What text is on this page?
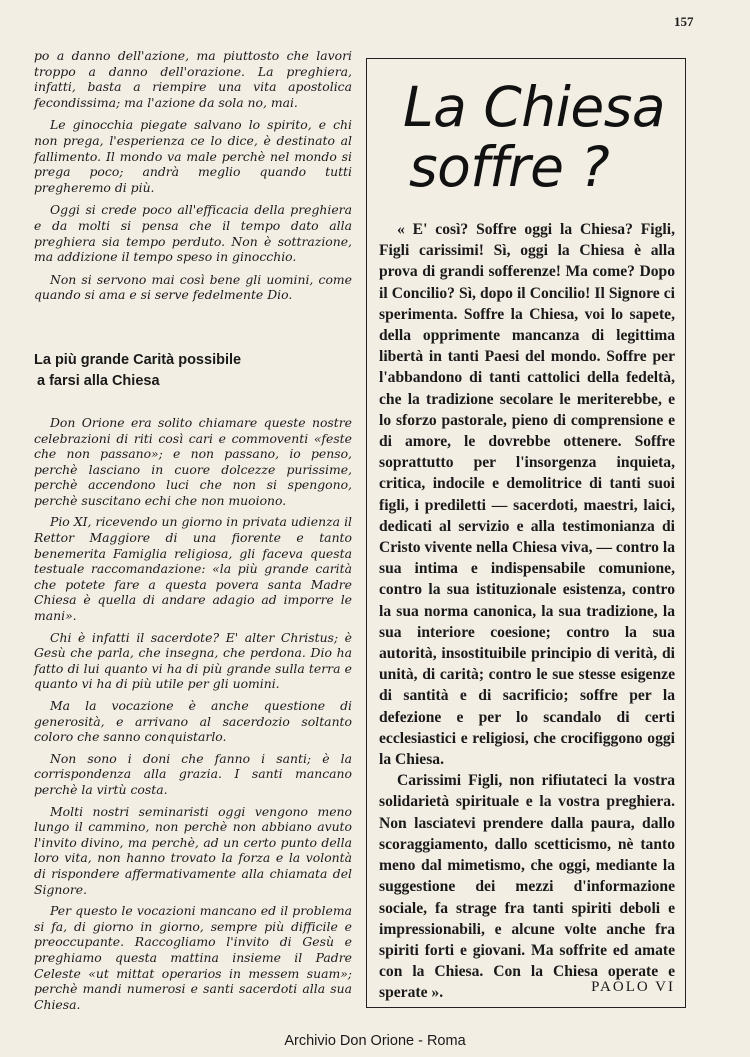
157

po a danno dell'azione, ma piuttosto che lavori troppo a danno dell'orazione. La preghiera, infatti, basta a riempire una vita apostolica fecondissima; ma l'azione da sola no, mai.

Le ginocchia piegate salvano lo spirito, e chi non prega, l'esperienza ce lo dice, è destinato al fallimento. Il mondo va male perchè nel mondo si prega poco; andrà meglio quando tutti pregheremo di più.

Oggi si crede poco all'efficacia della preghiera e da molti si pensa che il tempo dato alla preghiera sia tempo perduto. Non è sottrazione, ma addizione il tempo speso in ginocchio.

Non si servono mai così bene gli uomini, come quando si ama e si serve fedelmente Dio.

La più grande Carità possibile
a farsi alla Chiesa

Don Orione era solito chiamare queste nostre celebrazioni di riti così cari e commoventi «feste che non passano»; e non passano, io penso, perchè lasciano in cuore dolcezze purissime, perchè accendono luci che non si spengono, perchè suscitano echi che non muoiono.

Pio XI, ricevendo un giorno in privata udienza il Rettor Maggiore di una fiorente e tanto benemerita Famiglia religiosa, gli faceva questa testuale raccomandazione: «la più grande carità che potete fare a questa povera santa Madre Chiesa è quella di andare adagio ad imporre le mani».

Chi è infatti il sacerdote? E' alter Christus; è Gesù che parla, che insegna, che perdona. Dio ha fatto di lui quanto vi ha di più grande sulla terra e quanto vi ha di più utile per gli uomini.

Ma la vocazione è anche questione di generosità, e arrivano al sacerdozio soltanto coloro che sanno conquistarlo.

Non sono i doni che fanno i santi; è la corrispondenza alla grazia. I santi mancano perchè la virtù costa.

Molti nostri seminaristi oggi vengono meno lungo il cammino, non perchè non abbiano avuto l'invito divino, ma perchè, ad un certo punto della loro vita, non hanno trovato la forza e la volontà di rispondere affermativamente alla chiamata del Signore.

Per questo le vocazioni mancano ed il problema si fa, di giorno in giorno, sempre più difficile e preoccupante. Raccogliamo l'invito di Gesù e preghiamo questa mattina insieme il Padre Celeste «ut mittat operarios in messem suam»; perchè mandi numerosi e santi sacerdoti alla sua Chiesa.

La Chiesa
soffre ?

« E' così? Soffre oggi la Chiesa? Figli, Figli carissimi! Sì, oggi la Chiesa è alla prova di grandi sofferenze! Ma come? Dopo il Concilio? Sì, dopo il Concilio! Il Signore ci sperimenta. Soffre la Chiesa, voi lo sapete, della opprimente mancanza di legittima libertà in tanti Paesi del mondo. Soffre per l'abbandono di tanti cattolici della fedeltà, che la tradizione secolare le meriterebbe, e lo sforzo pastorale, pieno di comprensione e di amore, le dovrebbe ottenere. Soffre soprattutto per l'insorgenza inquieta, critica, indocile e demolitrice di tanti suoi figli, i prediletti — sacerdoti, maestri, laici, dedicati al servizio e alla testimonianza di Cristo vivente nella Chiesa viva, — contro la sua intima e indispensabile comunione, contro la sua istituzionale esistenza, contro la sua norma canonica, la sua tradizione, la sua interiore coesione; contro la sua autorità, insostituibile principio di verità, di unità, di carità; contro le sue stesse esigenze di santità e di sacrificio; soffre per la defezione e per lo scandalo di certi ecclesiastici e religiosi, che crocifiggono oggi la Chiesa.

Carissimi Figli, non rifiutateci la vostra solidarietà spirituale e la vostra preghiera. Non lasciatevi prendere dalla paura, dallo scoraggiamento, dallo scetticismo, nè tanto meno dal mimetismo, che oggi, mediante la suggestione dei mezzi d'informazione sociale, fa strage fra tanti spiriti deboli e impressionabili, e alcune volte anche fra spiriti forti e giovani. Ma soffrite ed amate con la Chiesa. Con la Chiesa operate e sperate ».	PAOLO VI
Archivio Don Orione - Roma
